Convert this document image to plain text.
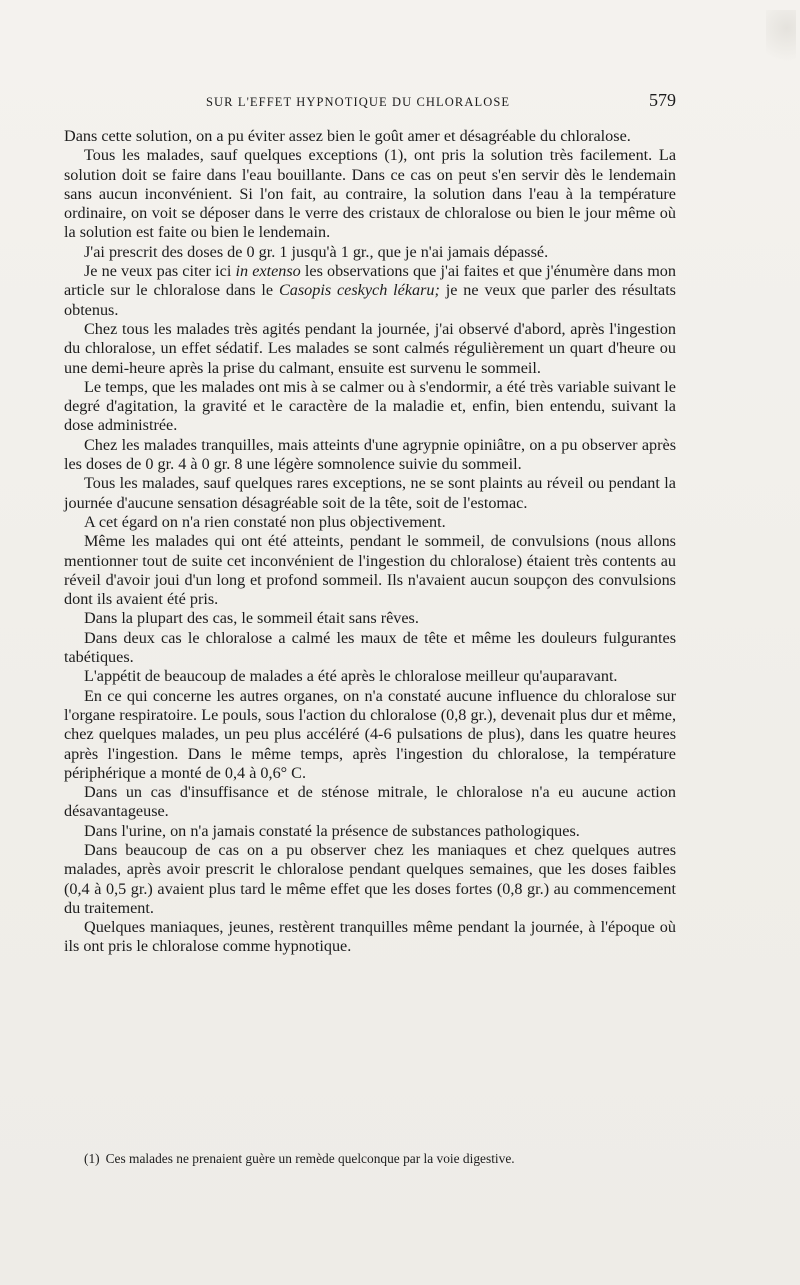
SUR L'EFFET HYPNOTIQUE DU CHLORALOSE	579

Dans cette solution, on a pu éviter assez bien le goût amer et désagréable du chloralose.

Tous les malades, sauf quelques exceptions (1), ont pris la solution très facilement. La solution doit se faire dans l'eau bouillante. Dans ce cas on peut s'en servir dès le lendemain sans aucun inconvénient. Si l'on fait, au contraire, la solution dans l'eau à la température ordinaire, on voit se déposer dans le verre des cristaux de chloralose ou bien le jour même où la solution est faite ou bien le lendemain.

J'ai prescrit des doses de 0 gr. 1 jusqu'à 1 gr., que je n'ai jamais dépassé.

Je ne veux pas citer ici in extenso les observations que j'ai faites et que j'énumère dans mon article sur le chloralose dans le Casopis ceskych lékaru; je ne veux que parler des résultats obtenus.

Chez tous les malades très agités pendant la journée, j'ai observé d'abord, après l'ingestion du chloralose, un effet sédatif. Les malades se sont calmés régulièrement un quart d'heure ou une demi-heure après la prise du calmant, ensuite est survenu le sommeil.

Le temps, que les malades ont mis à se calmer ou à s'endormir, a été très variable suivant le degré d'agitation, la gravité et le caractère de la maladie et, enfin, bien entendu, suivant la dose administrée.

Chez les malades tranquilles, mais atteints d'une agrypnie opiniâtre, on a pu observer après les doses de 0 gr. 4 à 0 gr. 8 une légère somnolence suivie du sommeil.

Tous les malades, sauf quelques rares exceptions, ne se sont plaints au réveil ou pendant la journée d'aucune sensation désagréable soit de la tête, soit de l'estomac.

A cet égard on n'a rien constaté non plus objectivement.

Même les malades qui ont été atteints, pendant le sommeil, de convulsions (nous allons mentionner tout de suite cet inconvénient de l'ingestion du chloralose) étaient très contents au réveil d'avoir joui d'un long et profond sommeil. Ils n'avaient aucun soupçon des convulsions dont ils avaient été pris.

Dans la plupart des cas, le sommeil était sans rêves.

Dans deux cas le chloralose a calmé les maux de tête et même les douleurs fulgurantes tabétiques.

L'appétit de beaucoup de malades a été après le chloralose meilleur qu'auparavant.

En ce qui concerne les autres organes, on n'a constaté aucune influence du chloralose sur l'organe respiratoire. Le pouls, sous l'action du chloralose (0,8 gr.), devenait plus dur et même, chez quelques malades, un peu plus accéléré (4-6 pulsations de plus), dans les quatre heures après l'ingestion. Dans le même temps, après l'ingestion du chloralose, la température périphérique a monté de 0,4 à 0,6° C.

Dans un cas d'insuffisance et de sténose mitrale, le chloralose n'a eu aucune action désavantageuse.

Dans l'urine, on n'a jamais constaté la présence de substances pathologiques.

Dans beaucoup de cas on a pu observer chez les maniaques et chez quelques autres malades, après avoir prescrit le chloralose pendant quelques semaines, que les doses faibles (0,4 à 0,5 gr.) avaient plus tard le même effet que les doses fortes (0,8 gr.) au commencement du traitement.

Quelques maniaques, jeunes, restèrent tranquilles même pendant la journée, à l'époque où ils ont pris le chloralose comme hypnotique.

(1) Ces malades ne prenaient guère un remède quelconque par la voie digestive.
